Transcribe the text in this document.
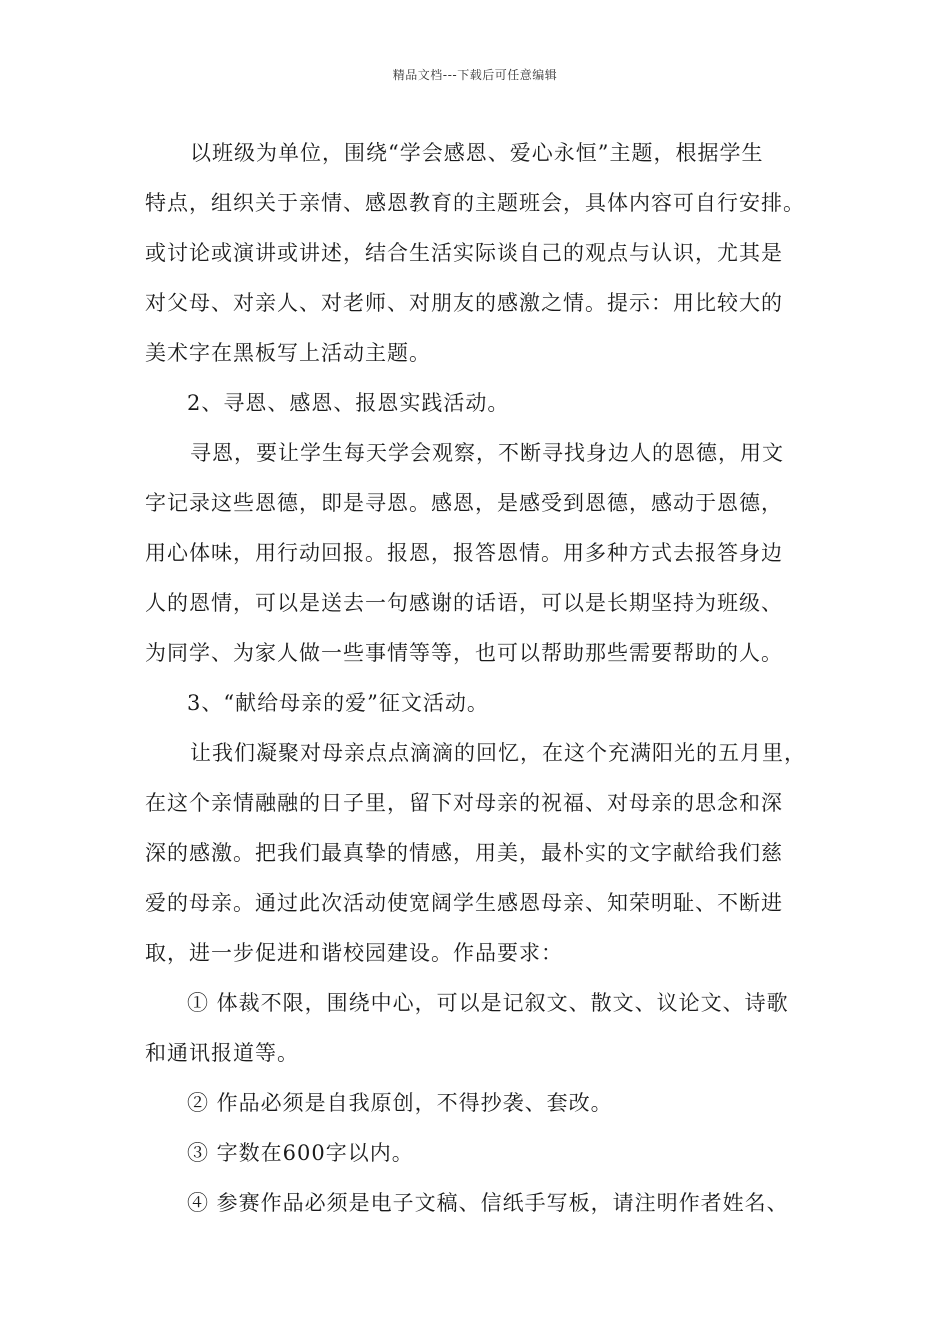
精品文档---下载后可任意编辑
以班级为单位，围绕“学会感恩、爱心永恒”主题，根据学生
特点，组织关于亲情、感恩教育的主题班会，具体内容可自行安排。
或讨论或演讲或讲述，结合生活实际谈自己的观点与认识，尤其是
对父母、对亲人、对老师、对朋友的感激之情。提示：用比较大的
美术字在黑板写上活动主题。
2、寻恩、感恩、报恩实践活动。
寻恩，要让学生每天学会观察，不断寻找身边人的恩德，用文
字记录这些恩德，即是寻恩。感恩，是感受到恩德，感动于恩德，
用心体味，用行动回报。报恩，报答恩情。用多种方式去报答身边
人的恩情，可以是送去一句感谢的话语，可以是长期坚持为班级、
为同学、为家人做一些事情等等，也可以帮助那些需要帮助的人。
3、“献给母亲的爱”征文活动。
让我们凝聚对母亲点点滴滴的回忆，在这个充满阳光的五月里，
在这个亲情融融的日子里，留下对母亲的祝福、对母亲的思念和深
深的感激。把我们最真挚的情感，用美，最朴实的文字献给我们慈
爱的母亲。通过此次活动使宽阔学生感恩母亲、知荣明耻、不断进
取，进一步促进和谐校园建设。作品要求：
① 体裁不限，围绕中心，可以是记叙文、散文、议论文、诗歌
和通讯报道等。
② 作品必须是自我原创，不得抄袭、套改。
③ 字数在600字以内。
④ 参赛作品必须是电子文稿、信纸手写板，请注明作者姓名、
